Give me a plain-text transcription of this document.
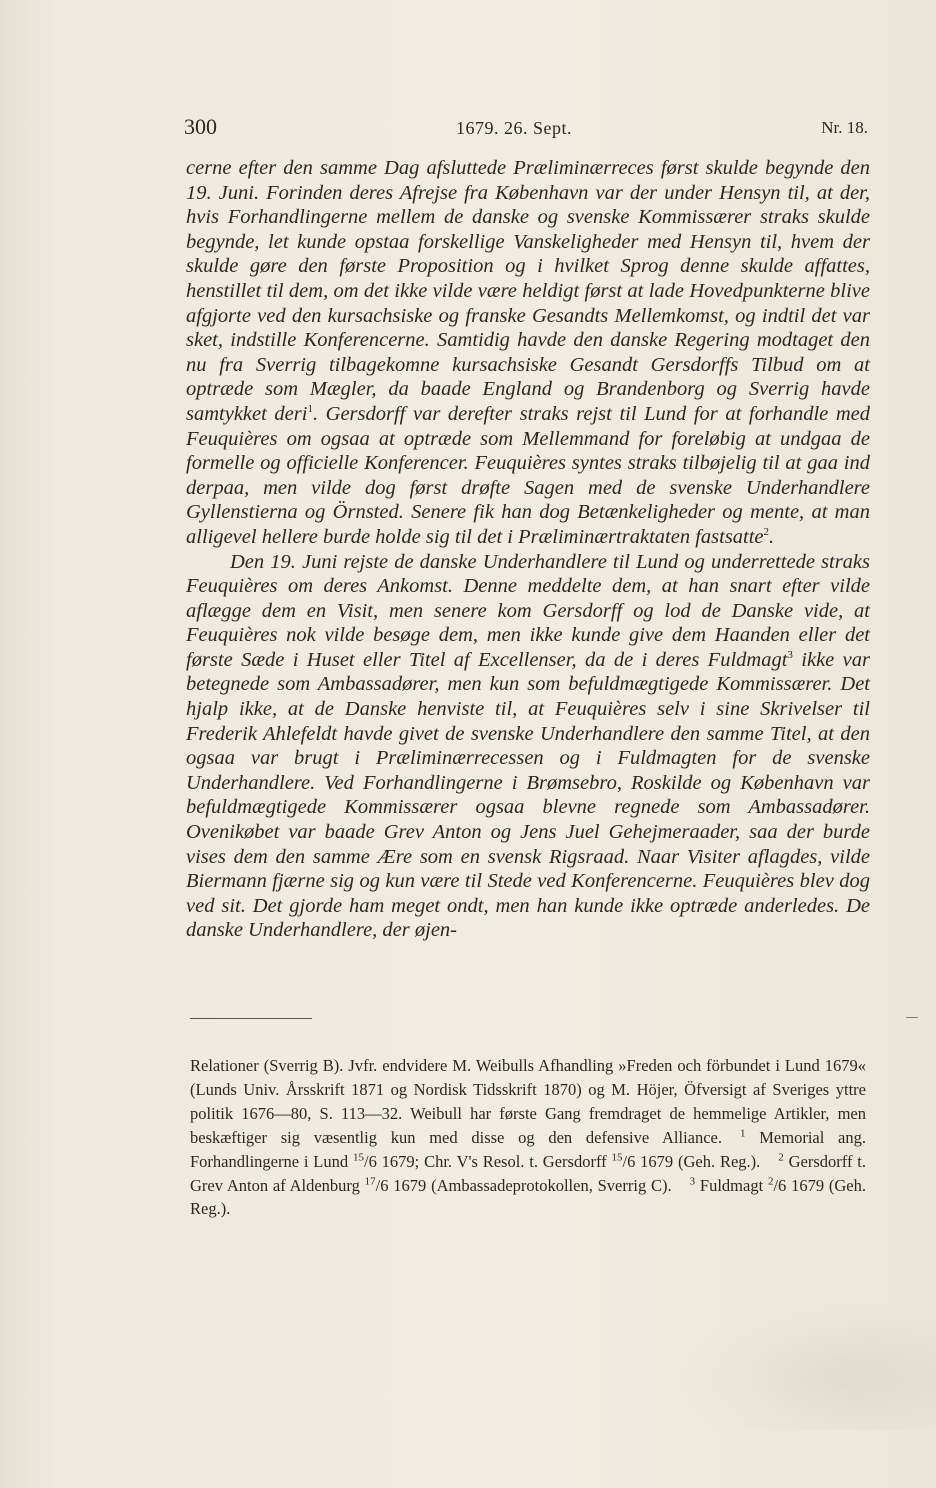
300	1679. 26. Sept.	Nr. 18.

cerne efter den samme Dag afsluttede Præliminærreces først skulde begynde den 19. Juni. Forinden deres Afrejse fra København var der under Hensyn til, at der, hvis Forhandlingerne mellem de danske og svenske Kommissærer straks skulde begynde, let kunde opstaa forskellige Vanskeligheder med Hensyn til, hvem der skulde gøre den første Proposition og i hvilket Sprog denne skulde affattes, henstillet til dem, om det ikke vilde være heldigt først at lade Hovedpunkterne blive afgjorte ved den kursachsiske og franske Gesandts Mellemkomst, og indtil det var sket, indstille Konferencerne. Samtidig havde den danske Regering modtaget den nu fra Sverrig tilbagekomne kursachsiske Gesandt Gersdorffs Tilbud om at optræde som Mægler, da baade England og Brandenborg og Sverrig havde samtykket deri$^1$. Gersdorff var derefter straks rejst til Lund for at forhandle med Feuquières om ogsaa at optræde som Mellemmand for foreløbig at undgaa de formelle og officielle Konferencer. Feuquières syntes straks tilbøjelig til at gaa ind derpaa, men vilde dog først drøfte Sagen med de svenske Underhandlere Gyllenstierna og Örnsted. Senere fik han dog Betænkeligheder og mente, at man alligevel hellere burde holde sig til det i Præliminærtraktaten fastsatte$^2$.

Den 19. Juni rejste de danske Underhandlere til Lund og underrettede straks Feuquières om deres Ankomst. Denne meddelte dem, at han snart efter vilde aflægge dem en Visit, men senere kom Gersdorff og lod de Danske vide, at Feuquières nok vilde besøge dem, men ikke kunde give dem Haanden eller det første Sæde i Huset eller Titel af Excellenser, da de i deres Fuldmagt$^3$ ikke var betegnede som Ambassadører, men kun som befuldmægtigede Kommissærer. Det hjalp ikke, at de Danske henviste til, at Feuquières selv i sine Skrivelser til Frederik Ahlefeldt havde givet de svenske Underhandlere den samme Titel, at den ogsaa var brugt i Præliminærrecessen og i Fuldmagten for de svenske Underhandlere. Ved Forhandlingerne i Brømsebro, Roskilde og København var befuldmægtigede Kommissærer ogsaa blevne regnede som Ambassadører. Ovenikøbet var baade Grev Anton og Jens Juel Gehejmeraader, saa der burde vises dem den samme Ære som en svensk Rigsraad. Naar Visiter aflagdes, vilde Biermann fjærne sig og kun være til Stede ved Konferencerne. Feuquières blev dog ved sit. Det gjorde ham meget ondt, men han kunde ikke optræde anderledes. De danske Underhandlere, der øjen-

Relationer (Sverrig B). Jvfr. endvidere M. Weibulls Afhandling »Freden och förbundet i Lund 1679« (Lunds Univ. Årsskrift 1871 og Nordisk Tidsskrift 1870) og M. Höjer, Öfversigt af Sveriges yttre politik 1676—80, S. 113—32. Weibull har første Gang fremdraget de hemmelige Artikler, men beskæftiger sig væsentlig kun med disse og den defensive Alliance. $^1$ Memorial ang. Forhandlingerne i Lund $^{15}$/6 1679; Chr. V's Resol. t. Gersdorff $^{15}$/6 1679 (Geh. Reg.). $^2$ Gersdorff t. Grev Anton af Aldenburg $^{17}$/6 1679 (Ambassadeprotokollen, Sverrig C). $^3$ Fuldmagt $^2$/6 1679 (Geh. Reg.).
